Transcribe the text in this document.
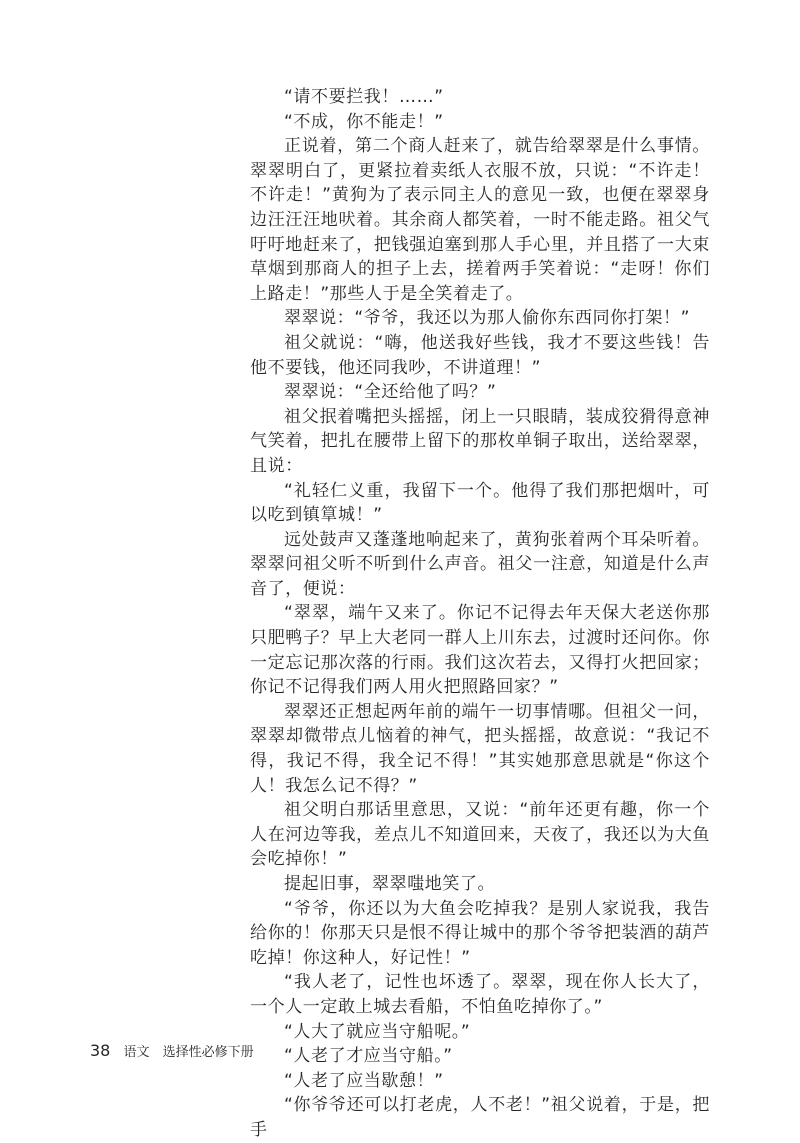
“请不要拦我！……”

“不成，你不能走！”

正说着，第二个商人赶来了，就告给翠翠是什么事情。翠翠明白了，更紧拉着卖纸人衣服不放，只说：“不许走！不许走！”黄狗为了表示同主人的意见一致，也便在翠翠身边汪汪汪地吠着。其余商人都笑着，一时不能走路。祖父气吁吁地赶来了，把钱强迫塞到那人手心里，并且搭了一大束草烟到那商人的担子上去，搓着两手笑着说：“走呀！你们上路走！”那些人于是全笑着走了。

翠翠说：“爷爷，我还以为那人偷你东西同你打架！”

祖父就说：“嗨，他送我好些钱，我才不要这些钱！告他不要钱，他还同我吵，不讲道理！”

翠翠说：“全还给他了吗？”

祖父抿着嘴把头摇摇，闭上一只眼睛，装成狡猾得意神气笑着，把扎在腰带上留下的那枚单铜子取出，送给翠翠，且说：

“礼轻仁义重，我留下一个。他得了我们那把烟叶，可以吃到镇筸城！”

远处鼓声又蓬蓬地响起来了，黄狗张着两个耳朵听着。翠翠问祖父听不听到什么声音。祖父一注意，知道是什么声音了，便说：

“翠翠，端午又来了。你记不记得去年天保大老送你那只肥鸭子？早上大老同一群人上川东去，过渡时还问你。你一定忘记那次落的行雨。我们这次若去，又得打火把回家；你记不记得我们两人用火把照路回家？”

翠翠还正想起两年前的端午一切事情哪。但祖父一问，翠翠却微带点儿恼着的神气，把头摇摇，故意说：“我记不得，我记不得，我全记不得！”其实她那意思就是“你这个人！我怎么记不得？”

祖父明白那话里意思，又说：“前年还更有趣，你一个人在河边等我，差点儿不知道回来，天夜了，我还以为大鱼会吃掉你！”

提起旧事，翠翠嗤地笑了。

“爷爷，你还以为大鱼会吃掉我？是别人家说我，我告给你的！你那天只是恨不得让城中的那个爷爷把装酒的葫芦吃掉！你这种人，好记性！”

“我人老了，记性也坏透了。翠翠，现在你人长大了，一个人一定敢上城去看船，不怕鱼吃掉你了。”

“人大了就应当守船呢。”

“人老了才应当守船。”

“人老了应当歇憩！”

“你爷爷还可以打老虎，人不老！”祖父说着，于是，把手

38 语文 选择性必修下册
